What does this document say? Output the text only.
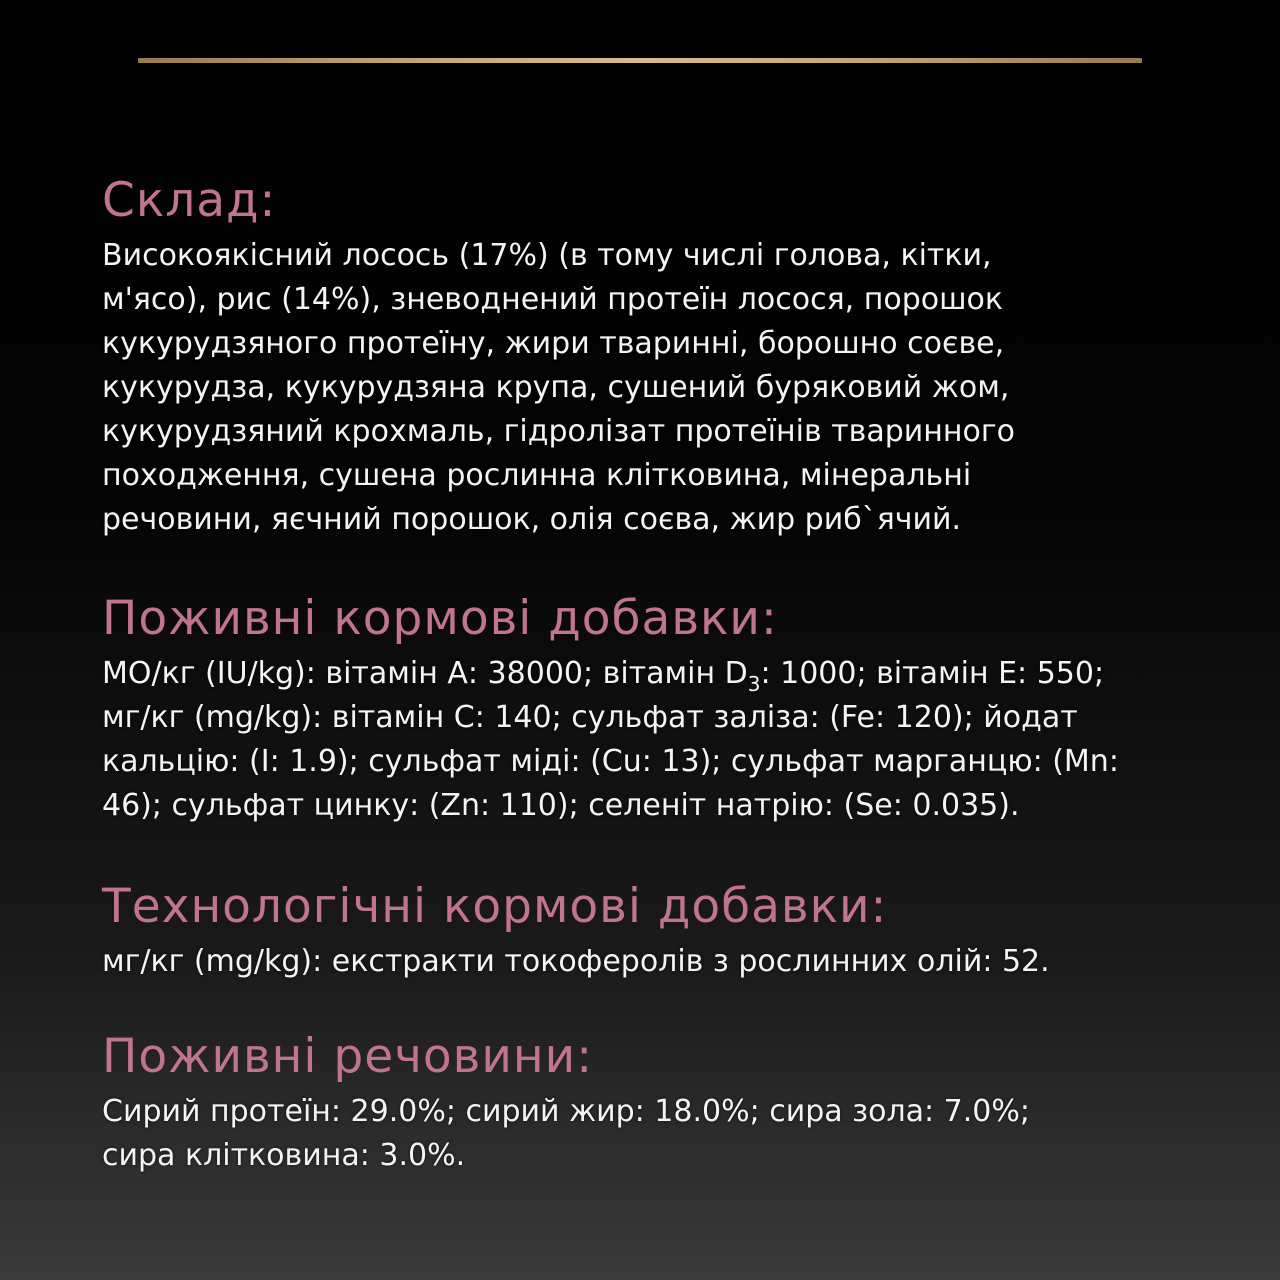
Склад:

Високоякісний лосось (17%) (в тому числі голова, кітки,
м'ясо), рис (14%), зневоднений протеїн лосося, порошок
кукурудзяного протеїну, жири тваринні, борошно соєве,
кукурудза, кукурудзяна крупа, сушений буряковий жом,
кукурудзяний крохмаль, гідролізат протеїнів тваринного
походження, сушена рослинна клітковина, мінеральні
речовини, яєчний порошок, олія соєва, жир риб`ячий.

Поживні кормові добавки:

МО/кг (IU/kg): вітамін А: 38000; вітамін $D_3$: 1000; вітамін Е: 550;
мг/кг (mg/kg): вітамін С: 140; сульфат заліза: (Fe: 120); йодат
кальцію: (I: 1.9); сульфат міді: (Cu: 13); сульфат марганцю: (Mn:
46); сульфат цинку: (Zn: 110); селеніт натрію: (Se: 0.035).

Технологічні кормові добавки:

мг/кг (mg/kg): екстракти токоферолів з рослинних олій: 52.

Поживні речовини:

Сирий протеїн: 29.0%; сирий жир: 18.0%; сира зола: 7.0%;
сира клітковина: 3.0%.
